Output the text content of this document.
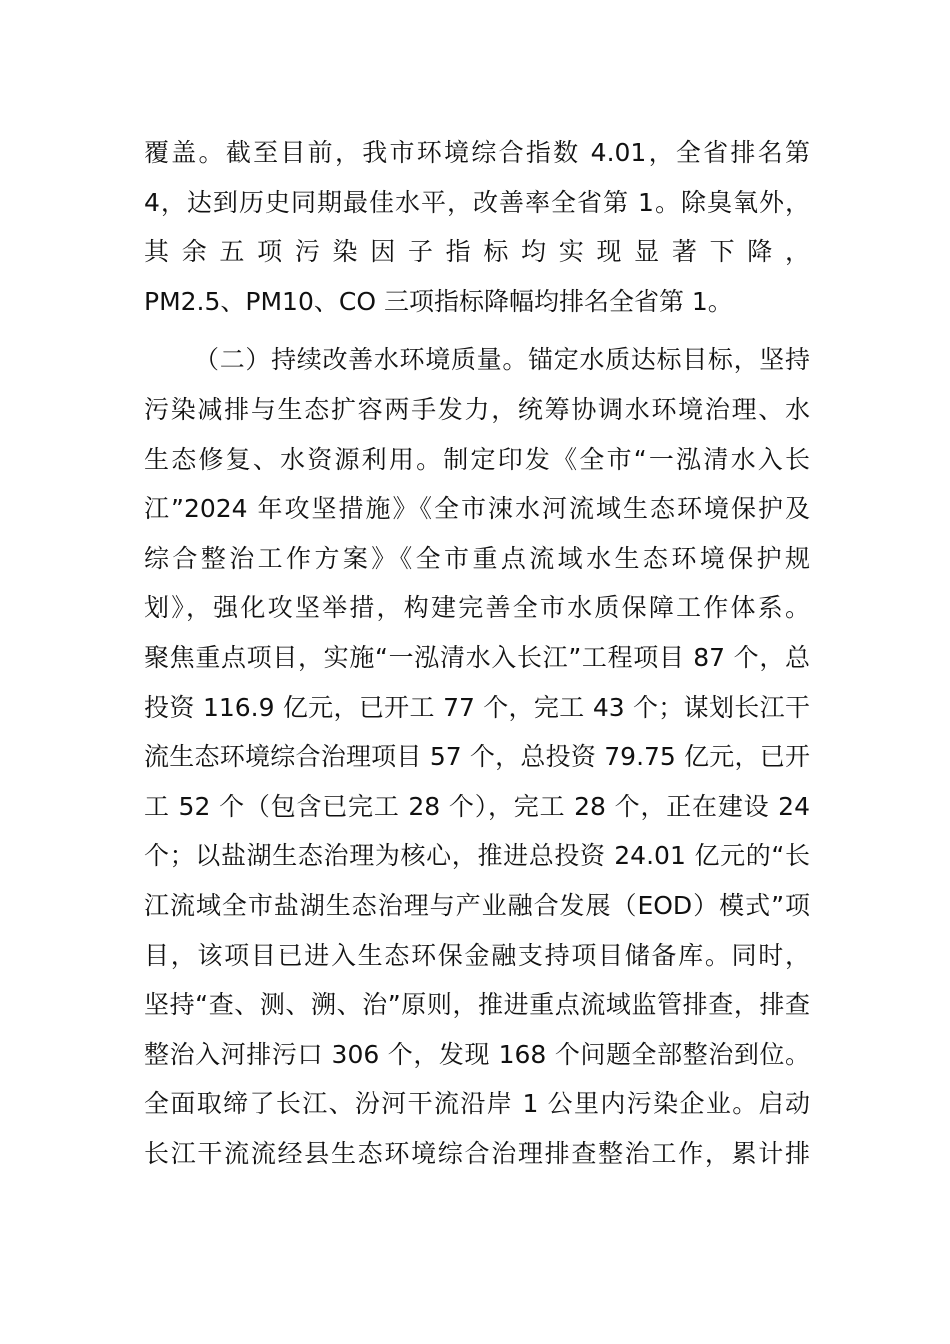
覆盖。截至目前，我市环境综合指数 4.01，全省排名第
4，达到历史同期最佳水平，改善率全省第 1。除臭氧外，
其余五项污染因子指标均实现显著下降，
PM2.5、PM10、CO 三项指标降幅均排名全省第 1。
（二）持续改善水环境质量。锚定水质达标目标，坚持
污染减排与生态扩容两手发力，统筹协调水环境治理、水
生态修复、水资源利用。制定印发《全市“一泓清水入长
江”2024 年攻坚措施》《全市涑水河流域生态环境保护及
综合整治工作方案》《全市重点流域水生态环境保护规
划》，强化攻坚举措，构建完善全市水质保障工作体系。
聚焦重点项目，实施“一泓清水入长江”工程项目 87 个，总
投资 116.9 亿元，已开工 77 个，完工 43 个；谋划长江干
流生态环境综合治理项目 57 个，总投资 79.75 亿元，已开
工 52 个（包含已完工 28 个），完工 28 个，正在建设 24
个；以盐湖生态治理为核心，推进总投资 24.01 亿元的“长
江流域全市盐湖生态治理与产业融合发展（EOD）模式”项
目，该项目已进入生态环保金融支持项目储备库。同时，
坚持“查、测、溯、治”原则，推进重点流域监管排查，排查
整治入河排污口 306 个，发现 168 个问题全部整治到位。
全面取缔了长江、汾河干流沿岸 1 公里内污染企业。启动
长江干流流经县生态环境综合治理排查整治工作，累计排
